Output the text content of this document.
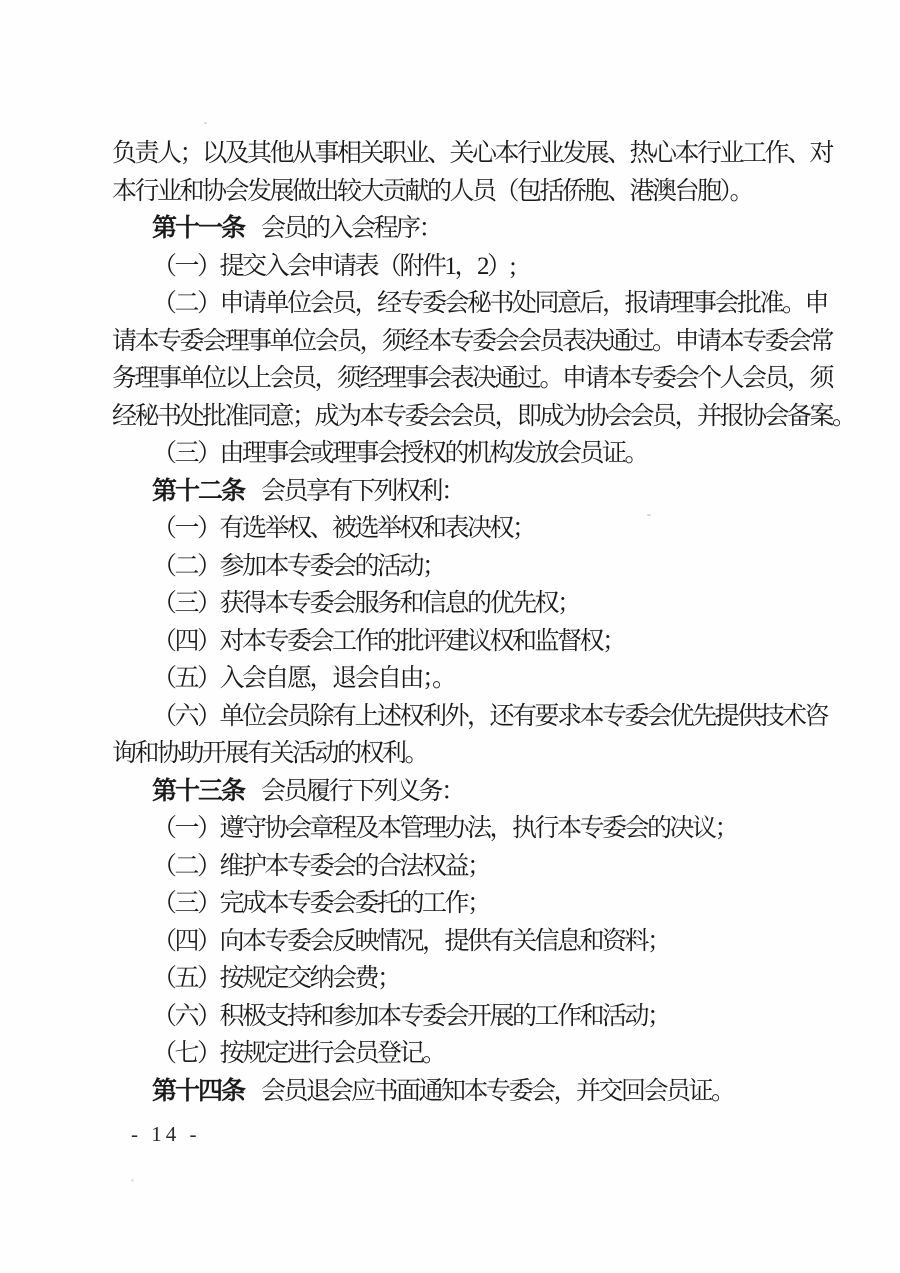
负责人；以及其他从事相关职业、关心本行业发展、热心本行业工作、对
本行业和协会发展做出较大贡献的人员（包括侨胞、港澳台胞）。
第十一条 会员的入会程序：
（一）提交入会申请表（附件1，2）;
（二）申请单位会员，经专委会秘书处同意后，报请理事会批准。申
请本专委会理事单位会员，须经本专委会会员表决通过。申请本专委会常
务理事单位以上会员，须经理事会表决通过。申请本专委会个人会员，须
经秘书处批准同意；成为本专委会会员，即成为协会会员，并报协会备案。
（三）由理事会或理事会授权的机构发放会员证。
第十二条 会员享有下列权利：
（一）有选举权、被选举权和表决权；
（二）参加本专委会的活动；
（三）获得本专委会服务和信息的优先权；
（四）对本专委会工作的批评建议权和监督权；
（五）入会自愿，退会自由；。
（六）单位会员除有上述权利外，还有要求本专委会优先提供技术咨
询和协助开展有关活动的权利。
第十三条 会员履行下列义务：
（一）遵守协会章程及本管理办法，执行本专委会的决议；
（二）维护本专委会的合法权益；
（三）完成本专委会委托的工作；
（四）向本专委会反映情况，提供有关信息和资料；
（五）按规定交纳会费；
（六）积极支持和参加本专委会开展的工作和活动；
（七）按规定进行会员登记。
第十四条 会员退会应书面通知本专委会，并交回会员证。
- 14 -
